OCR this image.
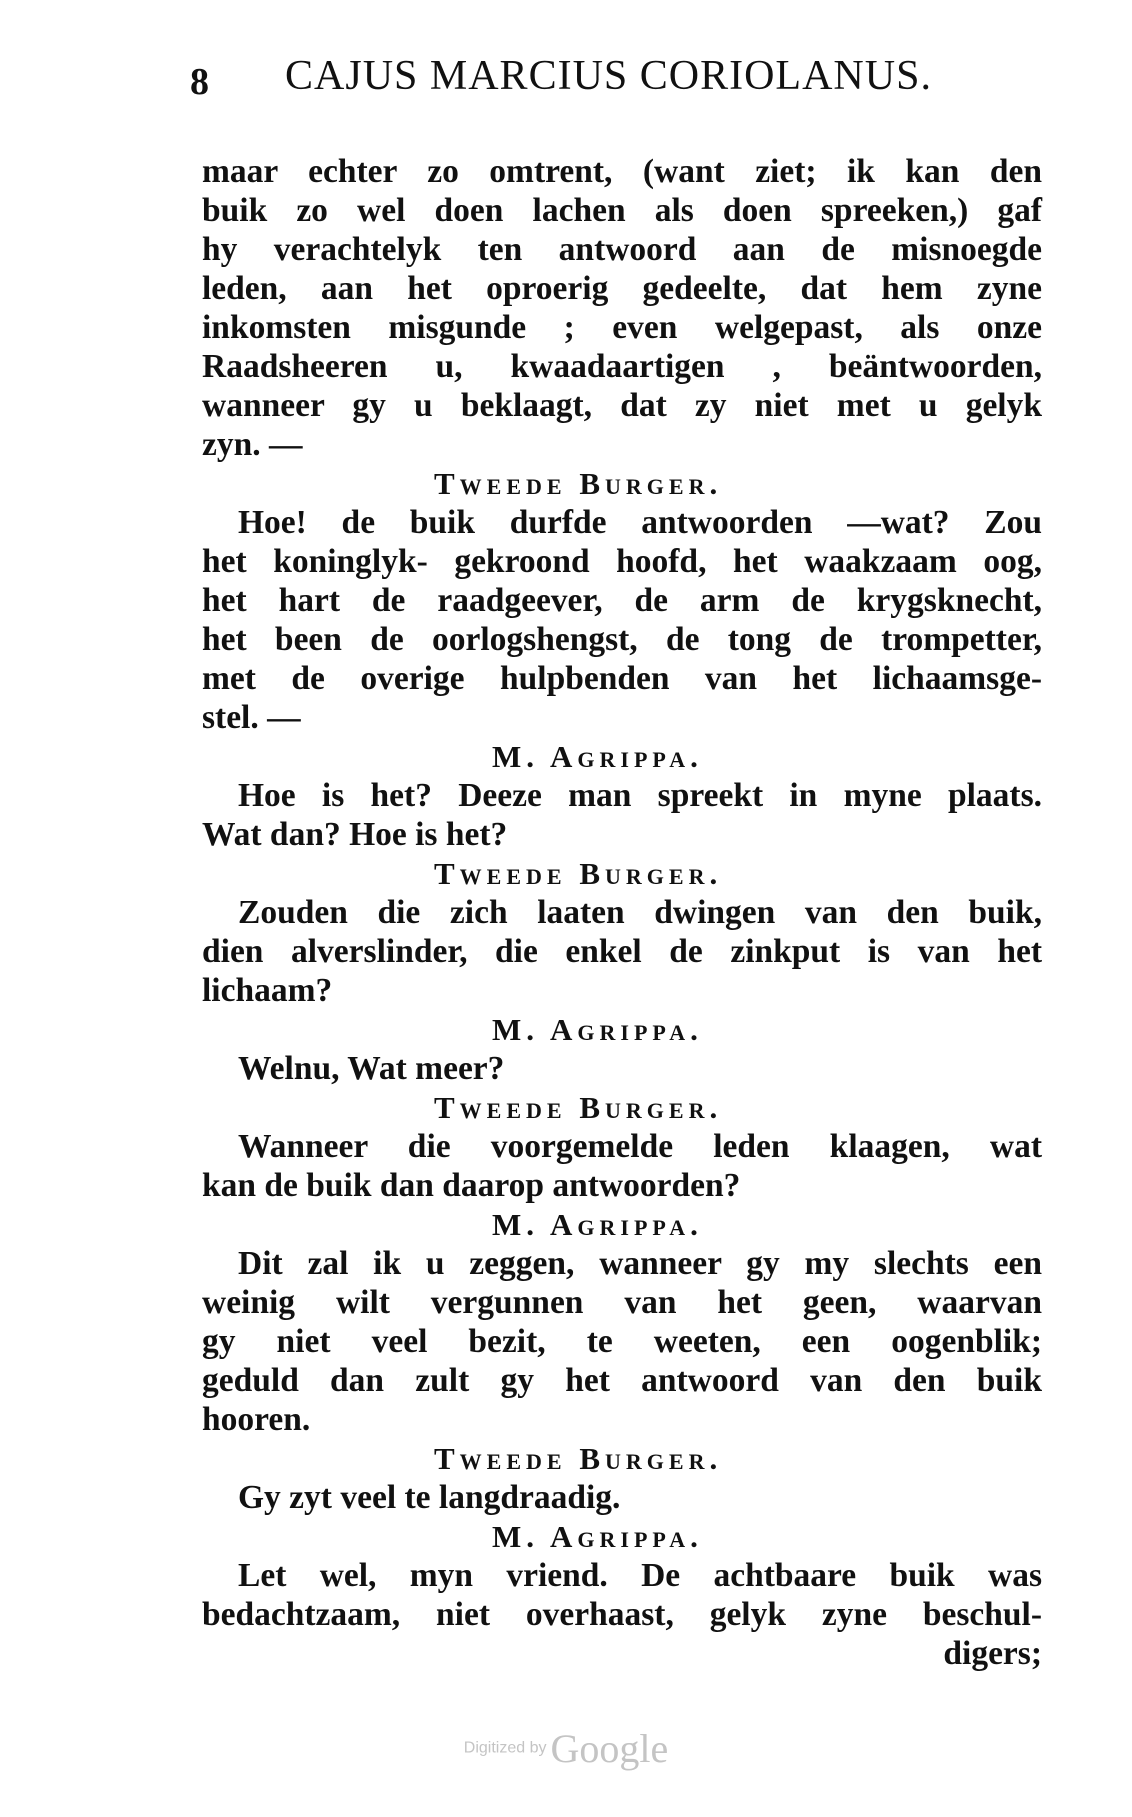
8 CAJUS MARCIUS CORIOLANUS.
maar echter zo omtrent, (want ziet; ik kan den
buik zo wel doen lachen als doen spreeken,) gaf
hy verachtelyk ten antwoord aan de misnoegde
leden, aan het oproerig gedeelte, dat hem zyne
inkomsten misgunde ; even welgepast, als onze
Raadsheeren u, kwaadaartigen , beäntwoorden,
wanneer gy u beklaagt, dat zy niet met u gelyk
zyn. —
Tweede Burger.
Hoe! de buik durfde antwoorden —wat? Zou
het koninglyk- gekroond hoofd, het waakzaam oog,
het hart de raadgeever, de arm de krygsknecht,
het been de oorlogshengst, de tong de trompetter,
met de overige hulpbenden van het lichaamsge-
stel. —
M. Agrippa.
Hoe is het? Deeze man spreekt in myne plaats.
Wat dan? Hoe is het?
Tweede Burger.
Zouden die zich laaten dwingen van den buik,
dien alverslinder, die enkel de zinkput is van het
lichaam?
M. Agrippa.
Welnu, Wat meer?
Tweede Burger.
Wanneer die voorgemelde leden klaagen, wat
kan de buik dan daarop antwoorden?
M. Agrippa.
Dit zal ik u zeggen, wanneer gy my slechts een
weinig wilt vergunnen van het geen, waarvan
gy niet veel bezit, te weeten, een oogenblik;
geduld dan zult gy het antwoord van den buik
hooren.
Tweede Burger.
Gy zyt veel te langdraadig.
M. Agrippa.
Let wel, myn vriend. De achtbaare buik was
bedachtzaam, niet overhaast, gelyk zyne beschul-
digers;
Digitized by Google
